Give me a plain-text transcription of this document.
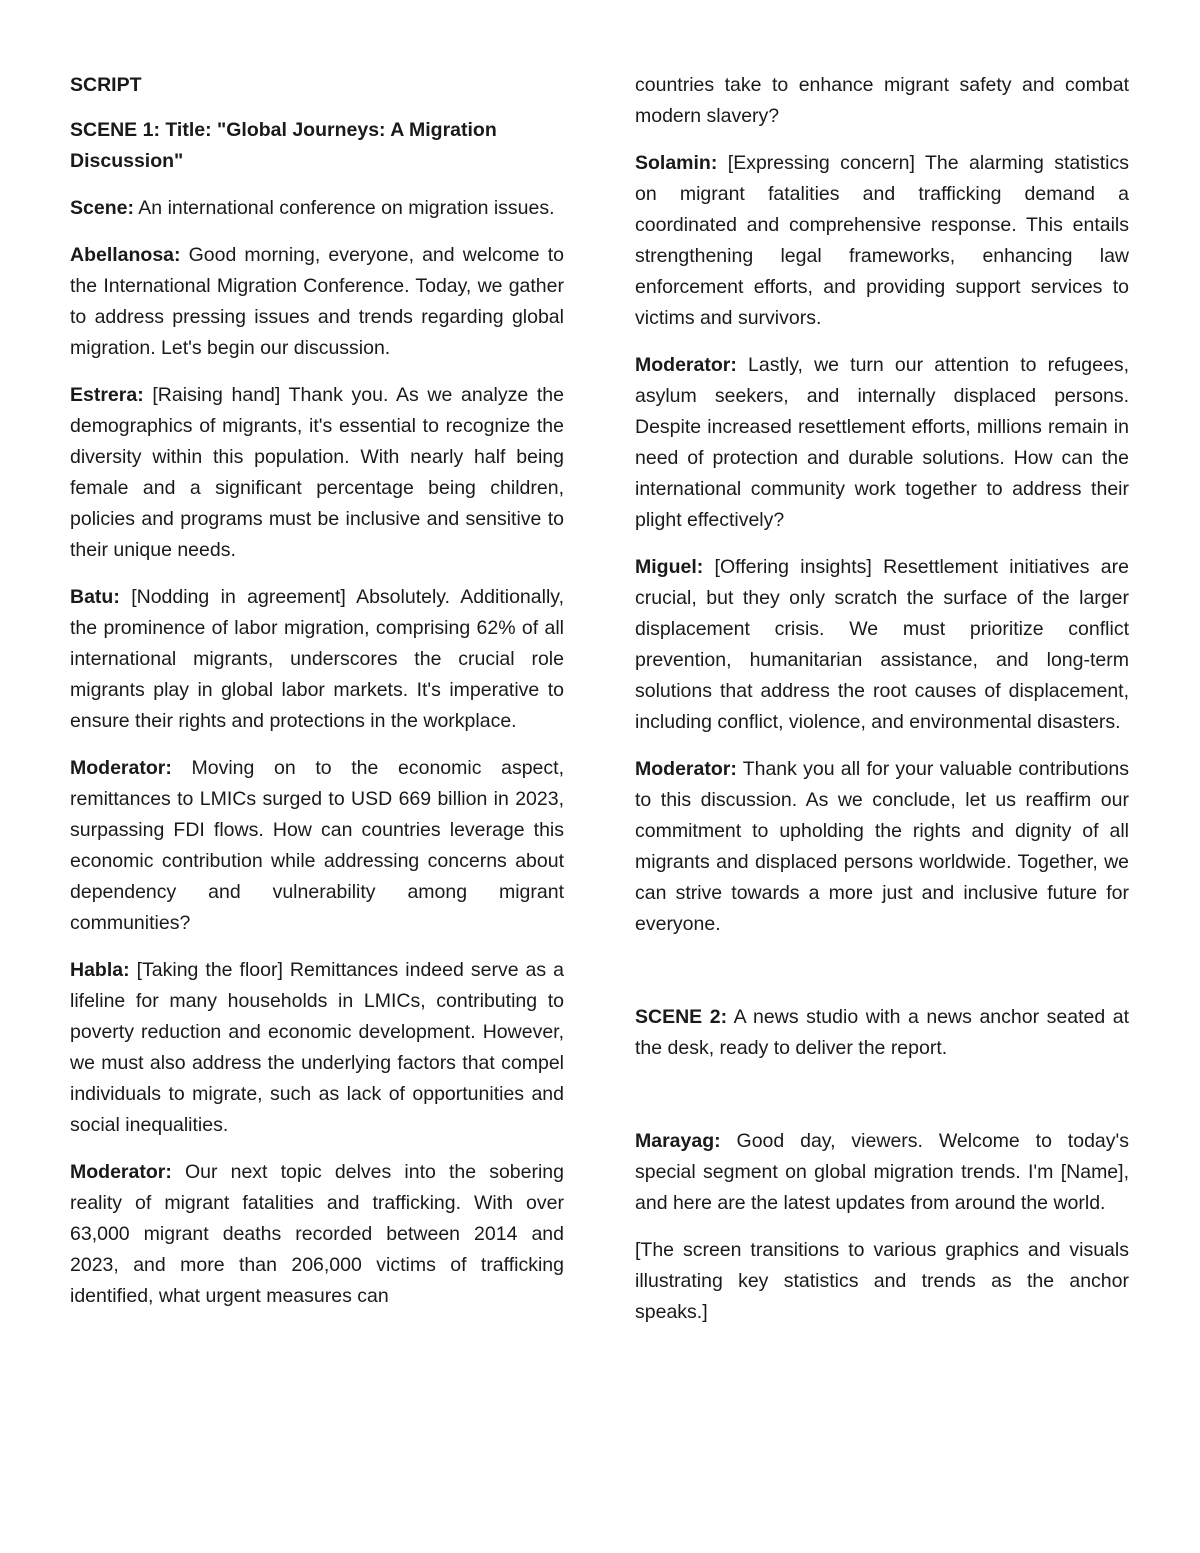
SCRIPT

SCENE 1: Title: "Global Journeys: A Migration Discussion"

Scene: An international conference on migration issues.

Abellanosa: Good morning, everyone, and welcome to the International Migration Conference. Today, we gather to address pressing issues and trends regarding global migration. Let's begin our discussion.

Estrera: [Raising hand] Thank you. As we analyze the demographics of migrants, it's essential to recognize the diversity within this population. With nearly half being female and a significant percentage being children, policies and programs must be inclusive and sensitive to their unique needs.

Batu: [Nodding in agreement] Absolutely. Additionally, the prominence of labor migration, comprising 62% of all international migrants, underscores the crucial role migrants play in global labor markets. It's imperative to ensure their rights and protections in the workplace.

Moderator: Moving on to the economic aspect, remittances to LMICs surged to USD 669 billion in 2023, surpassing FDI flows. How can countries leverage this economic contribution while addressing concerns about dependency and vulnerability among migrant communities?

Habla: [Taking the floor] Remittances indeed serve as a lifeline for many households in LMICs, contributing to poverty reduction and economic development. However, we must also address the underlying factors that compel individuals to migrate, such as lack of opportunities and social inequalities.

Moderator: Our next topic delves into the sobering reality of migrant fatalities and trafficking. With over 63,000 migrant deaths recorded between 2014 and 2023, and more than 206,000 victims of trafficking identified, what urgent measures can

countries take to enhance migrant safety and combat modern slavery?

Solamin: [Expressing concern] The alarming statistics on migrant fatalities and trafficking demand a coordinated and comprehensive response. This entails strengthening legal frameworks, enhancing law enforcement efforts, and providing support services to victims and survivors.

Moderator: Lastly, we turn our attention to refugees, asylum seekers, and internally displaced persons. Despite increased resettlement efforts, millions remain in need of protection and durable solutions. How can the international community work together to address their plight effectively?

Miguel: [Offering insights] Resettlement initiatives are crucial, but they only scratch the surface of the larger displacement crisis. We must prioritize conflict prevention, humanitarian assistance, and long-term solutions that address the root causes of displacement, including conflict, violence, and environmental disasters.

Moderator: Thank you all for your valuable contributions to this discussion. As we conclude, let us reaffirm our commitment to upholding the rights and dignity of all migrants and displaced persons worldwide. Together, we can strive towards a more just and inclusive future for everyone.

SCENE 2: A news studio with a news anchor seated at the desk, ready to deliver the report.

Marayag: Good day, viewers. Welcome to today's special segment on global migration trends. I'm [Name], and here are the latest updates from around the world.

[The screen transitions to various graphics and visuals illustrating key statistics and trends as the anchor speaks.]
